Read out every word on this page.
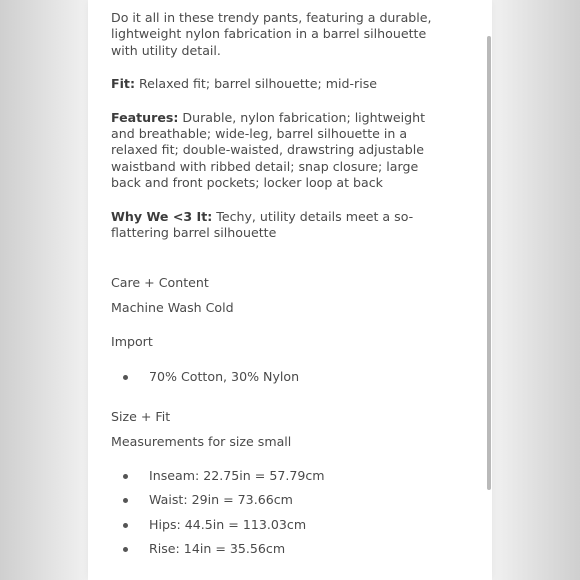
Do it all in these trendy pants, featuring a durable, lightweight nylon fabrication in a barrel silhouette with utility detail.

Fit: Relaxed fit; barrel silhouette; mid-rise

Features: Durable, nylon fabrication; lightweight and breathable; wide-leg, barrel silhouette in a relaxed fit; double-waisted, drawstring adjustable waistband with ribbed detail; snap closure; large back and front pockets; locker loop at back

Why We <3 It: Techy, utility details meet a so-flattering barrel silhouette

Care + Content

Machine Wash Cold

Import

70% Cotton, 30% Nylon

Size + Fit

Measurements for size small

Inseam: 22.75in = 57.79cm

Waist: 29in = 73.66cm

Hips: 44.5in = 113.03cm

Rise: 14in = 35.56cm
